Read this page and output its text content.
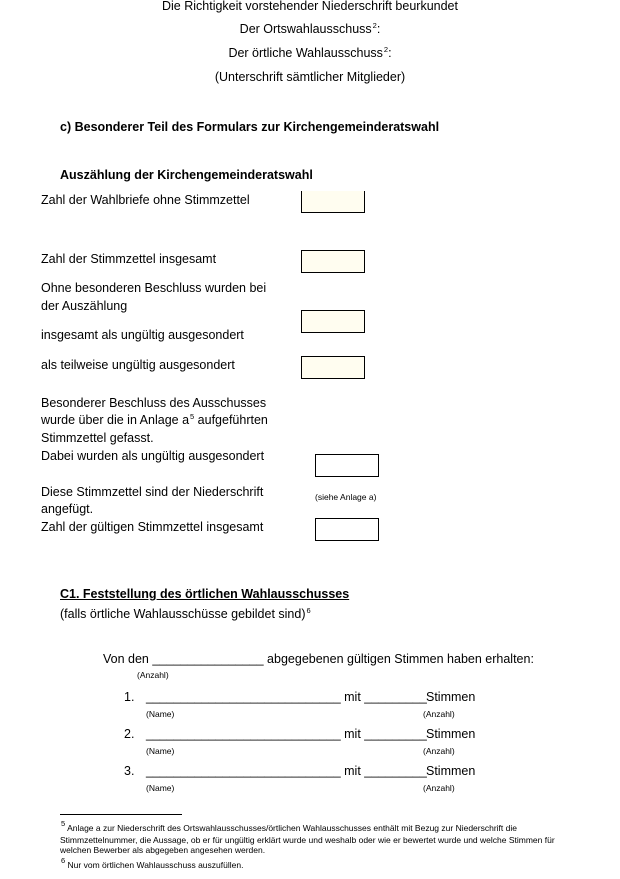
Die Richtigkeit vorstehender Niederschrift beurkundet
Der Ortswahlausschuss$^2$:
Der örtliche Wahlausschuss$^2$:
(Unterschrift sämtlicher Mitglieder)
c) Besonderer Teil des Formulars zur Kirchengemeinderatswahl
Auszählung der Kirchengemeinderatswahl
Zahl der Wahlbriefe ohne Stimmzettel
Zahl der Stimmzettel insgesamt
Ohne besonderen Beschluss wurden bei
der Auszählung
insgesamt als ungültig ausgesondert
als teilweise ungültig ausgesondert
Besonderer Beschluss des Ausschusses
wurde über die in Anlage $a^5$ aufgeführten
Stimmzettel gefasst.
Dabei wurden als ungültig ausgesondert
Diese Stimmzettel sind der Niederschrift
angefügt.
(siehe Anlage a)
Zahl der gültigen Stimmzettel insgesamt
C1. Feststellung des örtlichen Wahlausschusses
(falls örtliche Wahlausschüsse gebildet sind)$^6$
Von den ________________ abgegebenen gültigen Stimmen haben erhalten:
(Anzahl)
1. ____________________________ mit _________ Stimmen
(Name)	(Anzahl)
2. ____________________________ mit _________ Stimmen
(Name)	(Anzahl)
3. ____________________________ mit _________ Stimmen
(Name)	(Anzahl)
5 Anlage a zur Niederschrift des Ortswahlausschusses/örtlichen Wahlausschusses enthält mit Bezug zur Niederschrift die Stimmzettelnummer, die Aussage, ob er für ungültig erklärt wurde und weshalb oder wie er bewertet wurde und welche Stimmen für welchen Bewerber als abgegeben angesehen werden.
6 Nur vom örtlichen Wahlausschuss auszufüllen.
